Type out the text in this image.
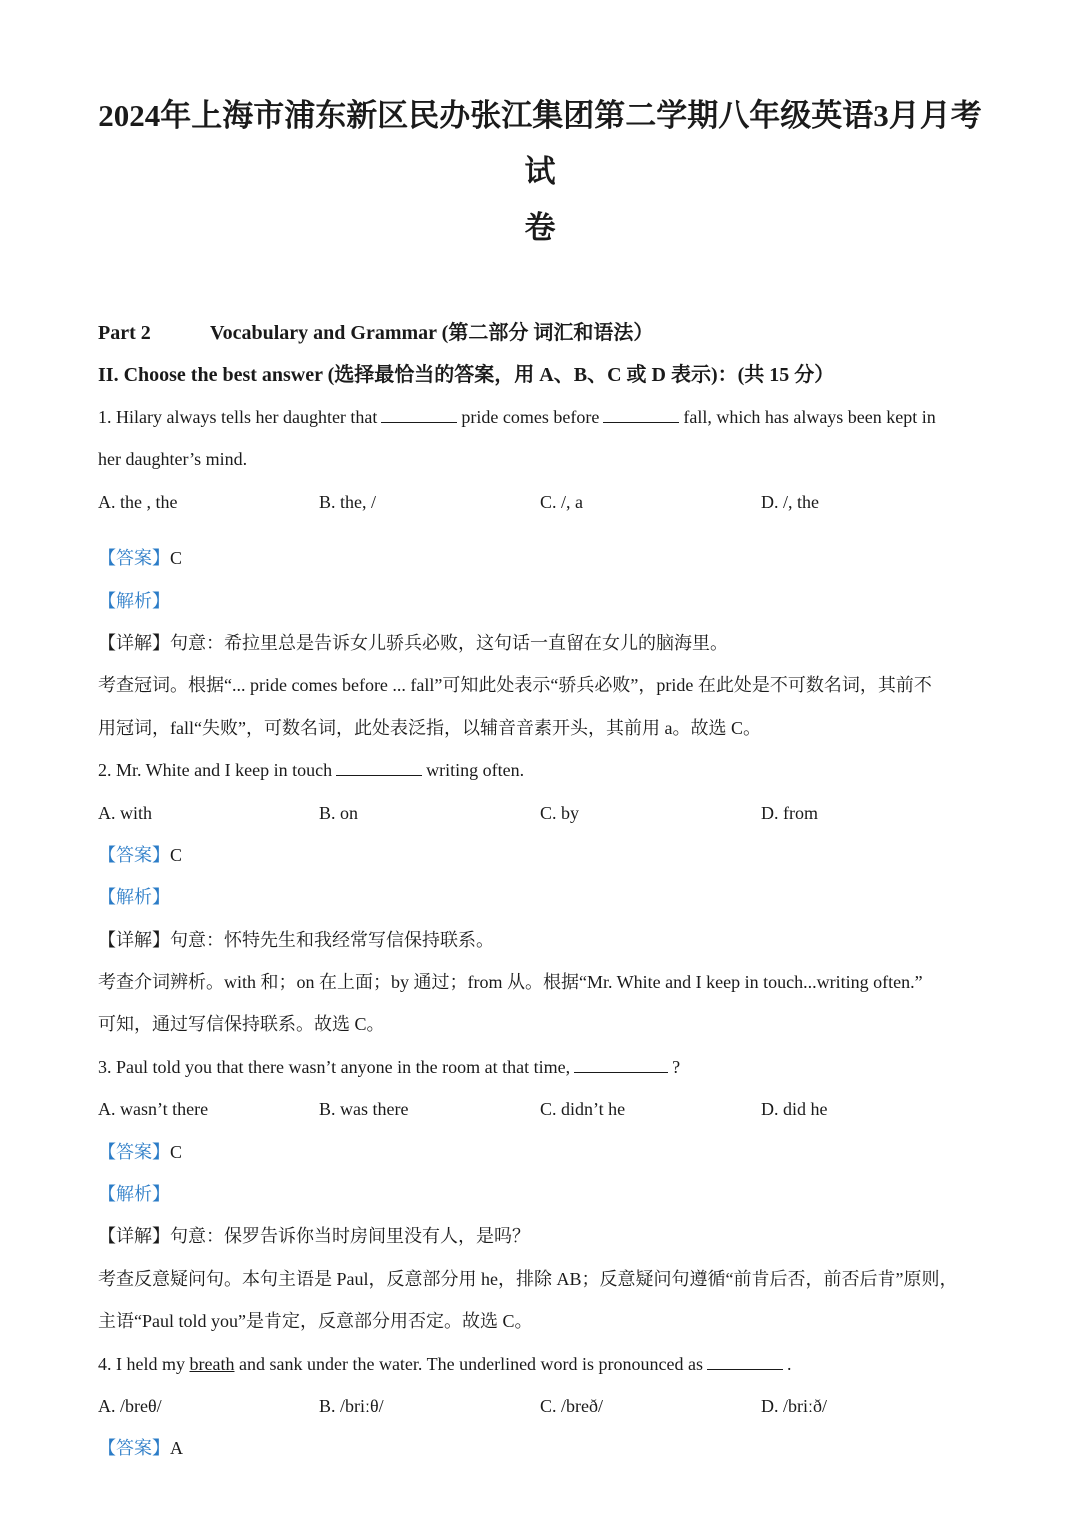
2024年上海市浦东新区民办张江集团第二学期八年级英语3月月考试
卷
Part 2	Vocabulary and Grammar (第二部分 词汇和语法）
II. Choose the best answer (选择最恰当的答案，用 A、B、C 或 D 表示)：(共 15 分）
1. Hilary always tells her daughter that	pride comes before	fall, which has always been kept in
her daughter’s mind.
A. the , the	B. the, /	C. /, a	D. /, the
【答案】C
【解析】
【详解】句意：希拉里总是告诉女儿骄兵必败，这句话一直留在女儿的脑海里。
考查冠词。根据“... pride comes before ... fall”可知此处表示“骄兵必败”，pride 在此处是不可数名词，其前不
用冠词，fall“失败”，可数名词，此处表泛指，以辅音音素开头，其前用 a。故选 C。
2. Mr. White and I keep in touch	writing often.
A. with	B. on	C. by	D. from
【答案】C
【解析】
【详解】句意：怀特先生和我经常写信保持联系。
考查介词辨析。with 和；on 在上面；by 通过；from 从。根据“Mr. White and I keep in touch...writing often.”
可知，通过写信保持联系。故选 C。
3. Paul told you that there wasn’t anyone in the room at that time,	?
A. wasn’t there	B. was there	C. didn’t he	D. did he
【答案】C
【解析】
【详解】句意：保罗告诉你当时房间里没有人，是吗？
考查反意疑问句。本句主语是 Paul，反意部分用 he，排除 AB；反意疑问句遵循“前肯后否，前否后肯”原则，
主语“Paul told you”是肯定，反意部分用否定。故选 C。
4. I held my breath and sank under the water. The underlined word is pronounced as	.
A. /breθ/	B. /briːθ/	C. /breð/	D. /briːð/
【答案】A
